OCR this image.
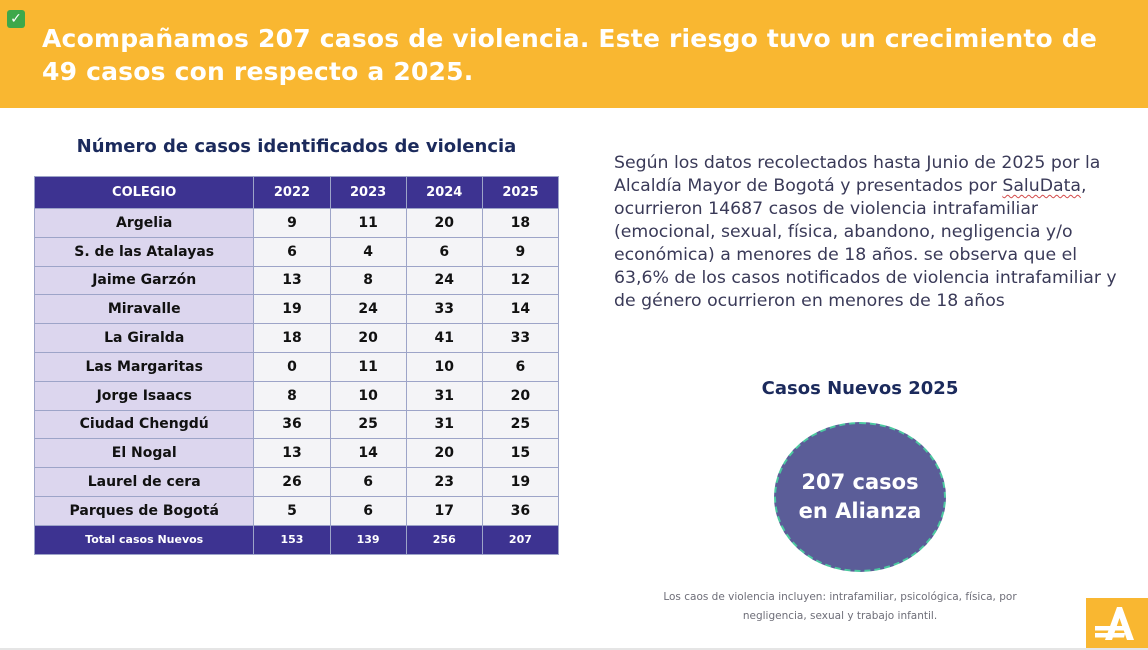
✓
Acompañamos 207 casos de violencia. Este riesgo tuvo un crecimiento de 49 casos con respecto a 2025.
Número de casos identificados de violencia
COLEGIO	2022	2023	2024	2025
Argelia	9	11	20	18
S. de las Atalayas	6	4	6	9
Jaime Garzón	13	8	24	12
Miravalle	19	24	33	14
La Giralda	18	20	41	33
Las Margaritas	0	11	10	6
Jorge Isaacs	8	10	31	20
Ciudad Chengdú	36	25	31	25
El Nogal	13	14	20	15
Laurel de cera	26	6	23	19
Parques de Bogotá	5	6	17	36
Total casos Nuevos	153	139	256	207

Según los datos recolectados hasta Junio de 2025 por la Alcaldía Mayor de Bogotá y presentados por SaluData, ocurrieron 14687 casos de violencia intrafamiliar (emocional, sexual, física, abandono, negligencia y/o económica) a menores de 18 años. se observa que el 63,6% de los casos notificados de violencia intrafamiliar y de género ocurrieron en menores de 18 años

Casos Nuevos 2025
207 casos en Alianza

Los caos de violencia incluyen: intrafamiliar, psicológica, física, por negligencia, sexual y trabajo infantil.
